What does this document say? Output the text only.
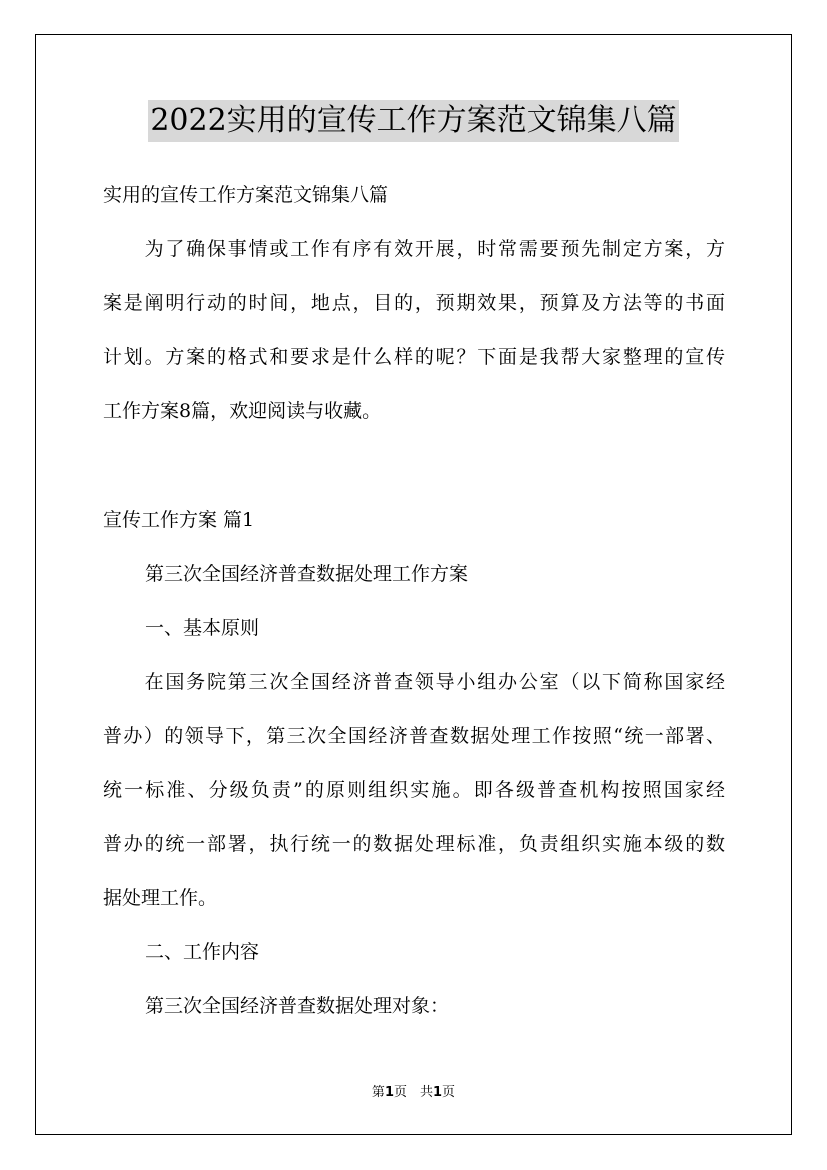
2022实用的宣传工作方案范文锦集八篇
实用的宣传工作方案范文锦集八篇
　　为了确保事情或工作有序有效开展，时常需要预先制定方案，方
案是阐明行动的时间，地点，目的，预期效果，预算及方法等的书面
计划。方案的格式和要求是什么样的呢？下面是我帮大家整理的宣传
工作方案8篇，欢迎阅读与收藏。
宣传工作方案 篇1
第三次全国经济普查数据处理工作方案
一、基本原则
　　在国务院第三次全国经济普查领导小组办公室（以下简称国家经
普办）的领导下，第三次全国经济普查数据处理工作按照“统一部署、
统一标准、分级负责”的原则组织实施。即各级普查机构按照国家经
普办的统一部署，执行统一的数据处理标准，负责组织实施本级的数
据处理工作。
二、工作内容
第三次全国经济普查数据处理对象：
第1页　共1页
